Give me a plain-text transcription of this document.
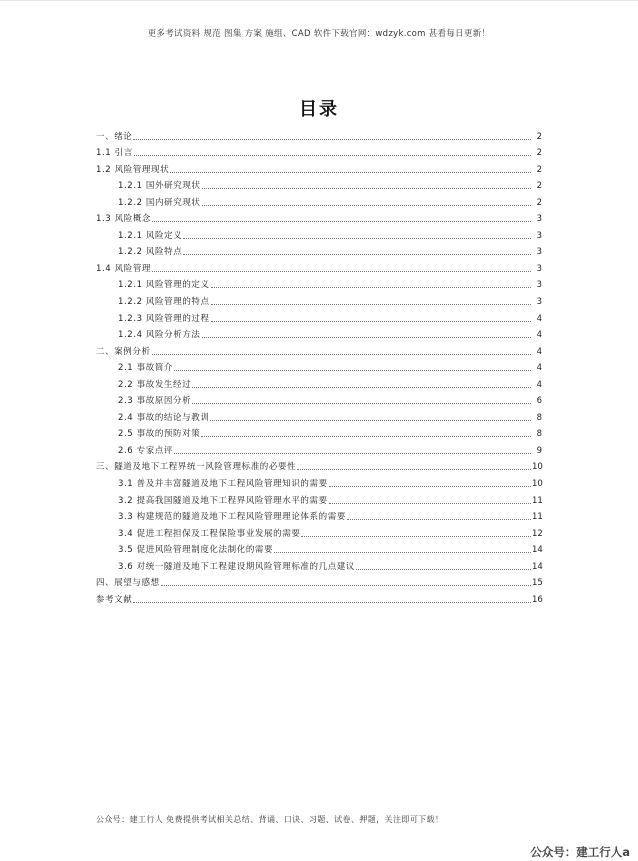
更多考试资料 规范 图集 方案 施组、CAD 软件下载官网：wdzyk.com 甚看每日更新！
目录
一、绪论	2
1.1 引言	2
1.2 风险管理现状	2
1.2.1 国外研究现状	2
1.2.2 国内研究现状	2
1.3 风险概念	3
1.2.1 风险定义	3
1.2.2 风险特点	3
1.4 风险管理	3
1.2.1 风险管理的定义	3
1.2.2 风险管理的特点	3
1.2.3 风险管理的过程	4
1.2.4 风险分析方法	4
二、案例分析	4
2.1 事故简介	4
2.2 事故发生经过	4
2.3 事故原因分析	6
2.4 事故的结论与教训	8
2.5 事故的预防对策	8
2.6 专家点评	9
三、隧道及地下工程界统一风险管理标准的必要性	10
3.1 普及并丰富隧道及地下工程风险管理知识的需要	10
3.2 提高我国隧道及地下工程界风险管理水平的需要	11
3.3 构建规范的隧道及地下工程风险管理理论体系的需要	11
3.4 促进工程担保及工程保险事业发展的需要	12
3.5 促进风险管理制度化法制化的需要	14
3.6 对统一隧道及地下工程建设期风险管理标准的几点建议	14
四、展望与感想	15
参考文献	16
公众号：建工行人 免费提供考试相关总结、背诵、口诀、习题、试卷、押题，关注即可下载！
公众号：建工行人a
